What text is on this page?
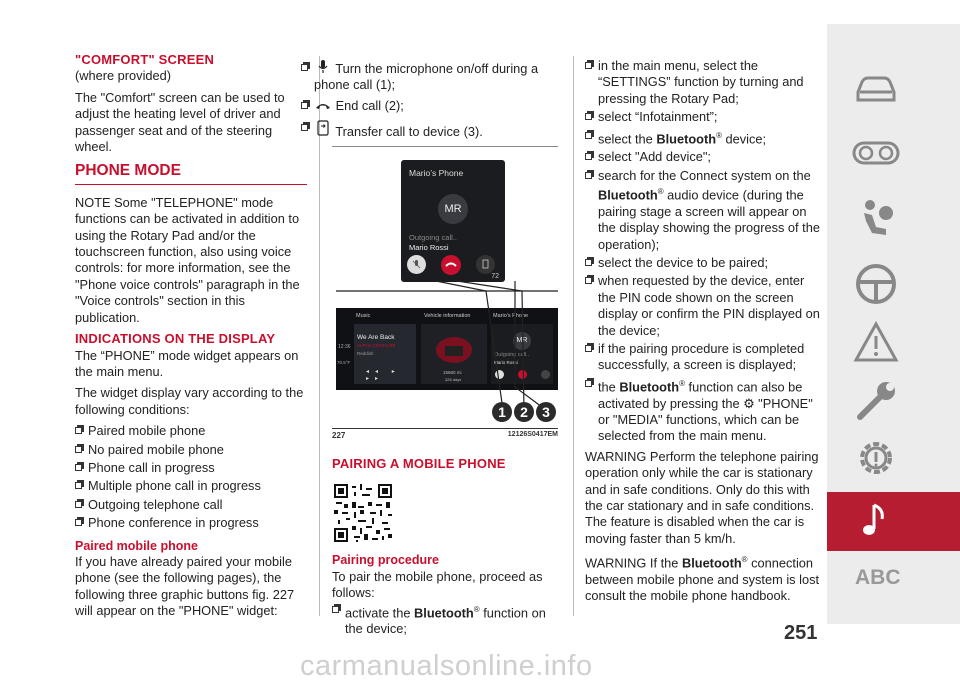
"COMFORT" SCREEN

(where provided)

The "Comfort" screen can be used to adjust the heating level of driver and passenger seat and of the steering wheel.

PHONE MODE

NOTE Some "TELEPHONE" mode functions can be activated in addition to using the Rotary Pad and/or the touchscreen function, also using voice controls: for more information, see the "Phone voice controls" paragraph in the "Voice controls" section in this publication.

INDICATIONS ON THE DISPLAY

The “PHONE” mode widget appears on the main menu.

The widget display vary according to the following conditions:

Paired mobile phone
No paired mobile phone
Phone call in progress
Multiple phone call in progress
Outgoing telephone call
Phone conference in progress
Paired mobile phone

If you have already paired your mobile phone (see the following pages), the following three graphic buttons fig. 227 will appear on the "PHONE" widget:

Turn the microphone on/off during a phone call (1);
End call (2);
Transfer call to device (3).
Mario’s Phone
MR
Outgoing call..
Mario Rossi
72
Music	Vehicle information	Mario’s Phone
12:36
70.5°F
We Are Back
ALPHA CENTAURI
Reddish
◂◂ ▸ ▸▸
15680 mi
326 days
MR
Outgoing call..
Mario Rossi
1	2	3
227	12126S0417EM
PAIRING A MOBILE PHONE
Pairing procedure

To pair the mobile phone, proceed as follows:

activate the Bluetooth® function on the device;
in the main menu, select the “SETTINGS” function by turning and pressing the Rotary Pad;
select “Infotainment”;
select the Bluetooth® device;
select "Add device";
search for the Connect system on the Bluetooth® audio device (during the pairing stage a screen will appear on the display showing the progress of the operation);
select the device to be paired;
when requested by the device, enter the PIN code shown on the screen display or confirm the PIN displayed on the device;
if the pairing procedure is completed successfully, a screen is displayed;
the Bluetooth® function can also be activated by pressing the ⚙ "PHONE" or "MEDIA" functions, which can be selected from the main menu.

WARNING Perform the telephone pairing operation only while the car is stationary and in safe conditions. Only do this with the car stationary and in safe conditions. The feature is disabled when the car is moving faster than 5 km/h.

WARNING If the Bluetooth® connection between mobile phone and system is lost consult the mobile phone handbook.

ABC
251
carmanualsonline.info
